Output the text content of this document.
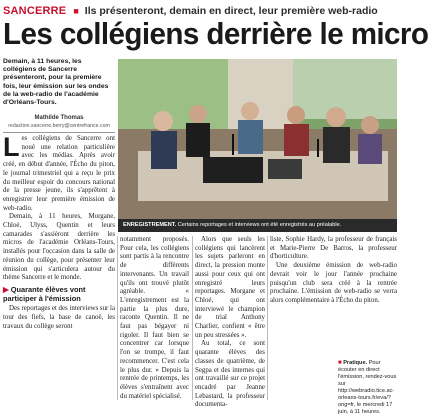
SANCERRE ■ Ils présenteront, demain en direct, leur première web-radio
Les collégiens derrière le micro

Demain, à 11 heures, les collégiens de Sancerre présenteront, pour la première fois, leur émission sur les ondes de la web-radio de l'académie d'Orléans-Tours.

Mathilde Thomas
redaction.sancerre.berry@centrefrance.com
ENREGISTREMENT. Certains reportages et interviews ont été enregistrés au préalable.

L es collégiens de Sancerre ont noué une relation particulière avec les médias. Après avoir créé, en début d'année, l'Écho du piton, le journal trimestriel qui a reçu le prix du meilleur espoir du concours national de la presse jeune, ils s'apprêtent à enregistrer leur première émission de web-radio.

Demain, à 11 heures, Morgane, Chloé, Ulyss, Quentin et leurs camarades s'assièront derrière les micros de l'académie Orléans-Tours, installés pour l'occasion dans la salle de réunion du collège, pour présenter leur émission qui s'articulera autour du thème Sancerre et le monde.

▶ Quarante élèves vont participer à l'émission

Des reportages et des interviews sur la tour des fiefs, la base de canoë, les travaux du collège seront

notamment proposés. Pour cela, les collégiens sont partis à la rencontre de différents intervenants. Un travail qu'ils ont trouvé plutôt agréable. « L'enregistrement est la partie la plus dure, raconte Quentin. Il ne faut pas bégayer ni rigoler. Il faut bien se concentrer car lorsque l'on se trompe, il faut recommencer. C'est cela le plus dur. » Depuis la rentrée de printemps, les élèves s'entraînent avec du matériel spécialisé.

Alors que seuls les collégiens qui lancèrent les sujets parleront en direct, la pression monte aussi pour ceux qui ont enregistré leurs reportages. Morgane et Chloé, qui ont interviewé le champion de trial Anthony Charlier, confient « être un peu stressées ».

Au total, ce sont quarante élèves des classes de quatrième, de Segpa et des internes qui ont travaillé sur ce projet encadré par Jeanne Lebastard, la professeur documenta-

liste, Sophie Hardy, la professeur de français et Marie-Pierre De Barros, la professeur d'horticulture.

Une deuxième émission de web-radio devrait voir le jour l'année prochaine puisqu'un club sera créé à la rentrée prochaine. L'émission de web-radio se verra alors complémentaire à l'Écho du piton.

■ Pratique. Pour écouter en direct l'émission, rendez-vous sur http://webradio.tice.ac-orleans-tours.fr/eva/?ong=fr, le mercredi 17 juin, à 11 heures.
